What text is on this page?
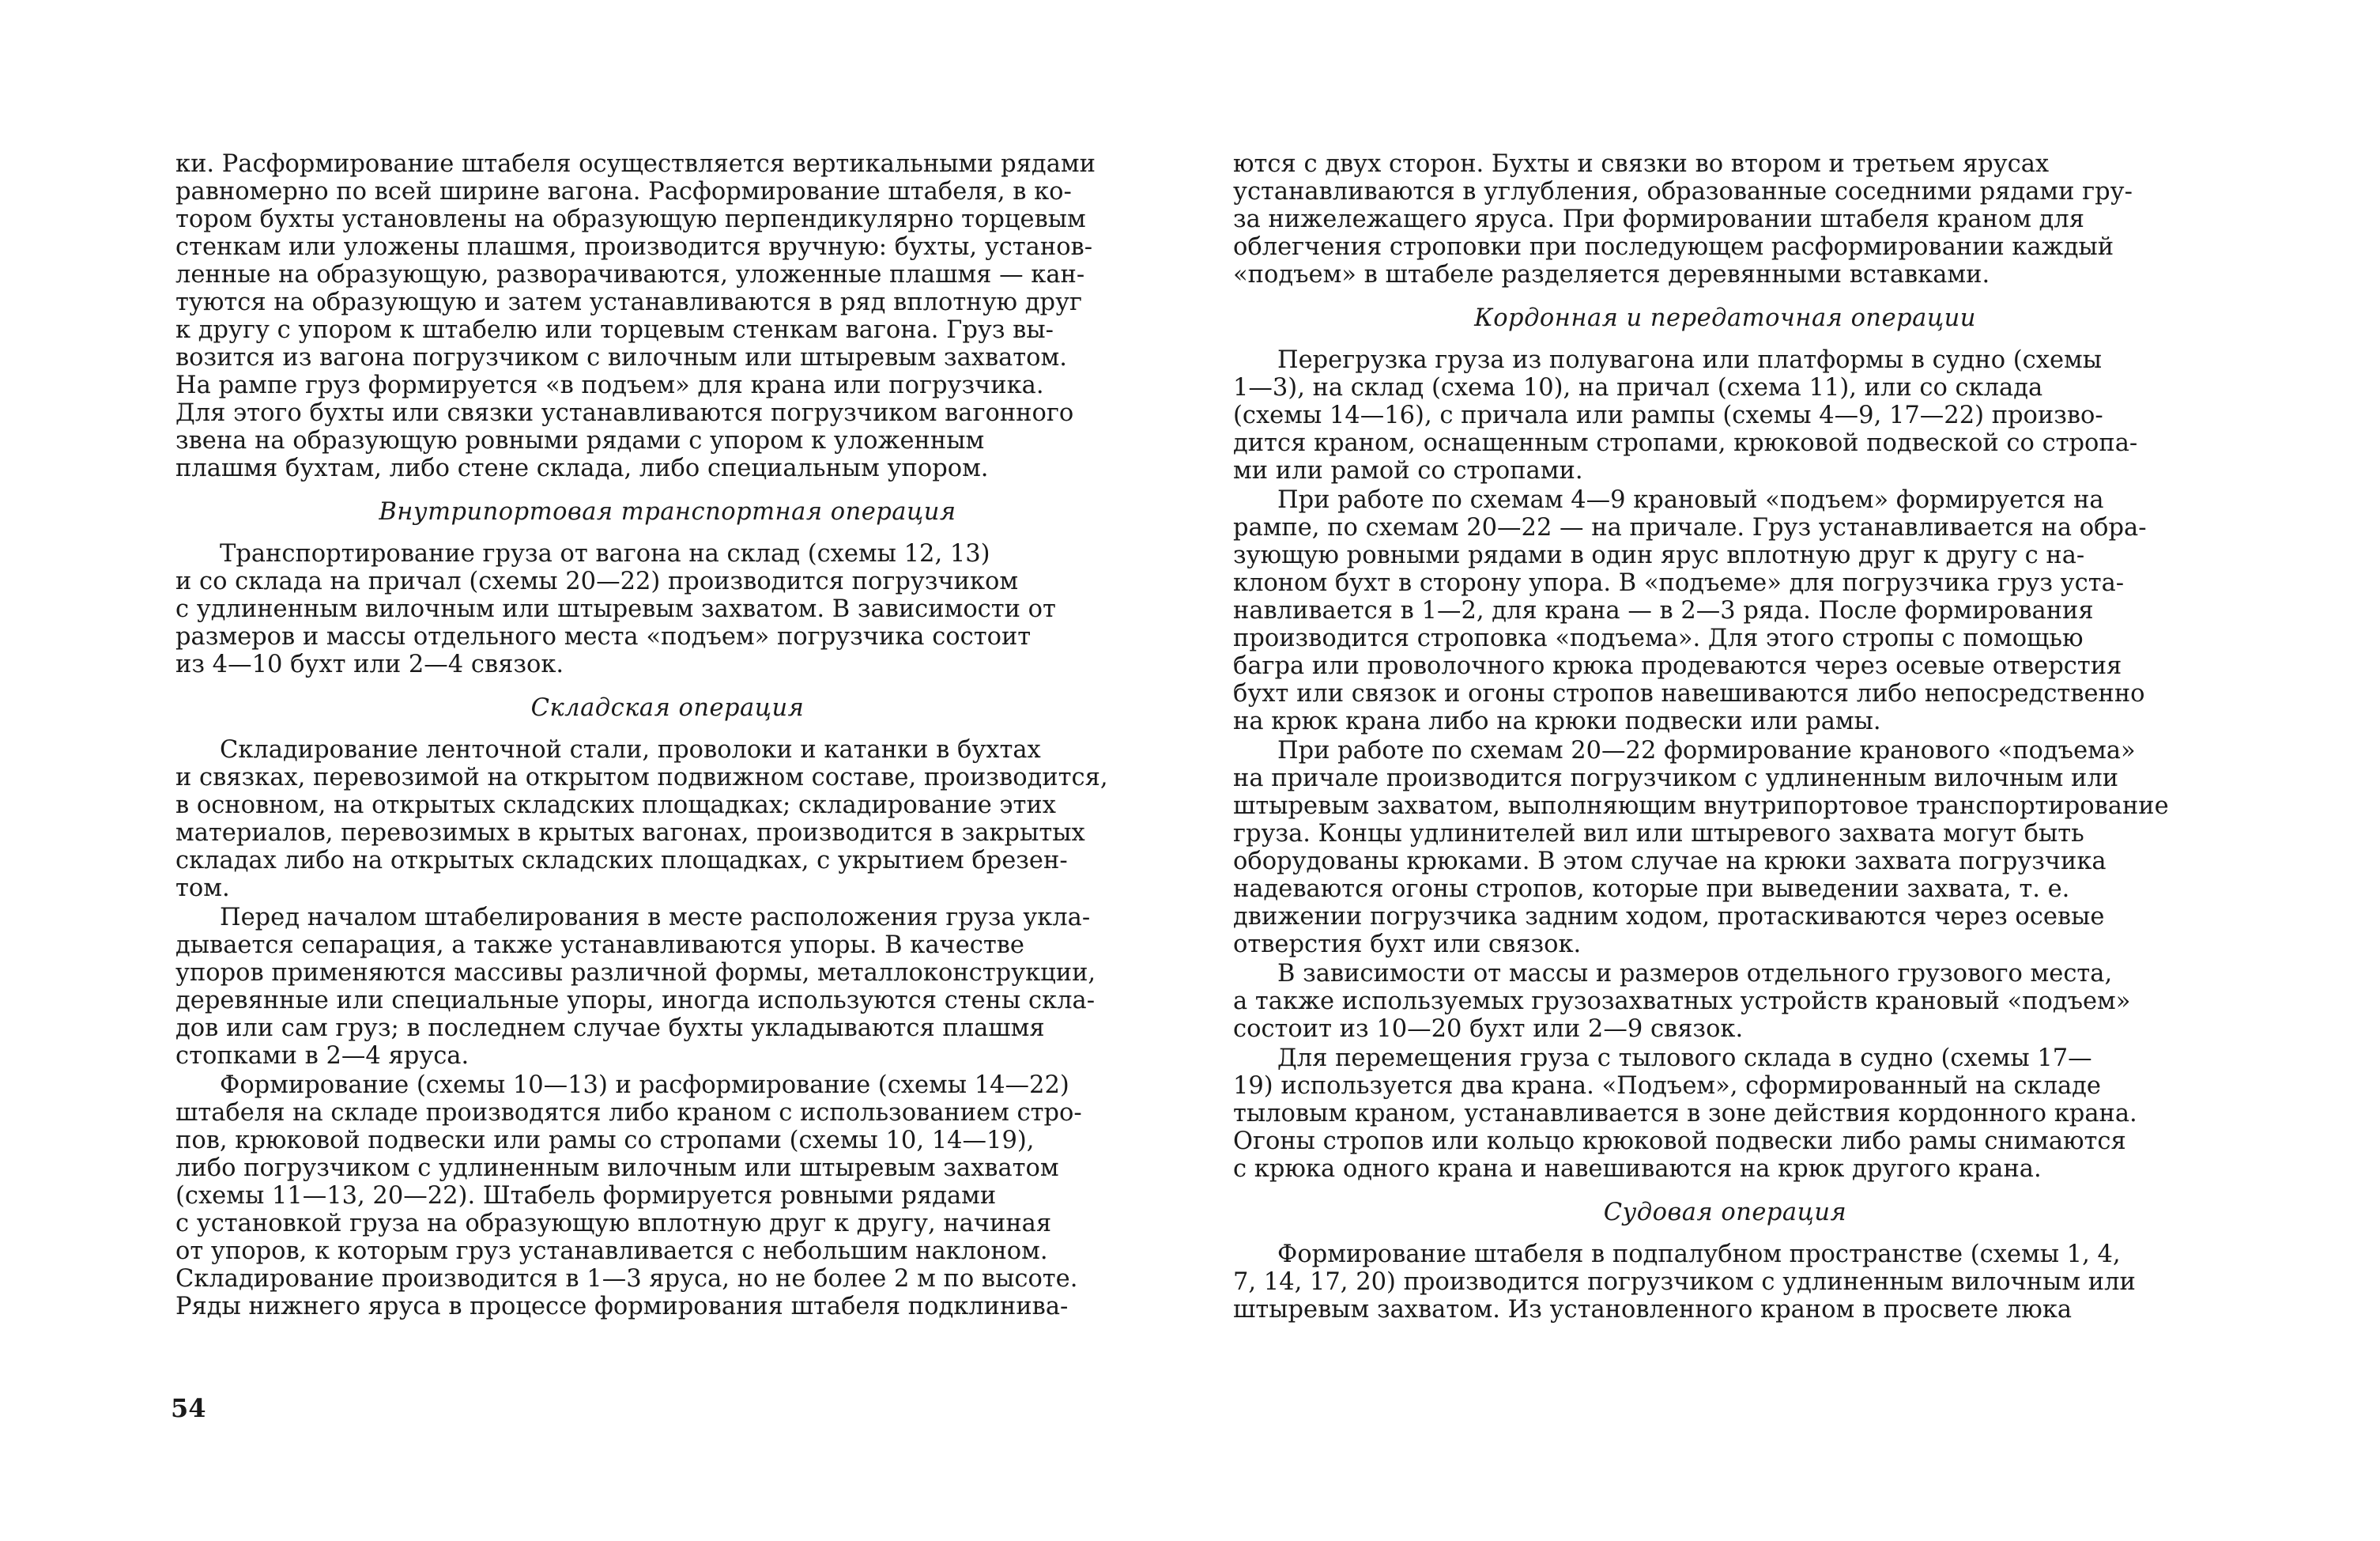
ки. Расформирование штабеля осуществляется вертикальными рядами
равномерно по всей ширине вагона. Расформирование штабеля, в ко-
тором бухты установлены на образующую перпендикулярно торцевым
стенкам или уложены плашмя, производится вручную: бухты, установ-
ленные на образующую, разворачиваются, уложенные плашмя — кан-
туются на образующую и затем устанавливаются в ряд вплотную друг
к другу с упором к штабелю или торцевым стенкам вагона. Груз вы-
возится из вагона погрузчиком с вилочным или штыревым захватом.
На рампе груз формируется «в подъем» для крана или погрузчика.
Для этого бухты или связки устанавливаются погрузчиком вагонного
звена на образующую ровными рядами с упором к уложенным
плашмя бухтам, либо стене склада, либо специальным упором.

Внутрипортовая транспортная операция

Транспортирование груза от вагона на склад (схемы 12, 13)
и со склада на причал (схемы 20—22) производится погрузчиком
с удлиненным вилочным или штыревым захватом. В зависимости от
размеров и массы отдельного места «подъем» погрузчика состоит
из 4—10 бухт или 2—4 связок.

Складская операция

Складирование ленточной стали, проволоки и катанки в бухтах
и связках, перевозимой на открытом подвижном составе, производится,
в основном, на открытых складских площадках; складирование этих
материалов, перевозимых в крытых вагонах, производится в закрытых
складах либо на открытых складских площадках, с укрытием брезен-
том.

Перед началом штабелирования в месте расположения груза укла-
дывается сепарация, а также устанавливаются упоры. В качестве
упоров применяются массивы различной формы, металлоконструкции,
деревянные или специальные упоры, иногда используются стены скла-
дов или сам груз; в последнем случае бухты укладываются плашмя
стопками в 2—4 яруса.

Формирование (схемы 10—13) и расформирование (схемы 14—22)
штабеля на складе производятся либо краном с использованием стро-
пов, крюковой подвески или рамы со стропами (схемы 10, 14—19),
либо погрузчиком с удлиненным вилочным или штыревым захватом
(схемы 11—13, 20—22). Штабель формируется ровными рядами
с установкой груза на образующую вплотную друг к другу, начиная
от упоров, к которым груз устанавливается с небольшим наклоном.
Складирование производится в 1—3 яруса, но не более 2 м по высоте.
Ряды нижнего яруса в процессе формирования штабеля подклинива-

54

ются с двух сторон. Бухты и связки во втором и третьем ярусах
устанавливаются в углубления, образованные соседними рядами гру-
за нижележащего яруса. При формировании штабеля краном для
облегчения строповки при последующем расформировании каждый
«подъем» в штабеле разделяется деревянными вставками.

Кордонная и передаточная операции

Перегрузка груза из полувагона или платформы в судно (схемы
1—3), на склад (схема 10), на причал (схема 11), или со склада
(схемы 14—16), с причала или рампы (схемы 4—9, 17—22) произво-
дится краном, оснащенным стропами, крюковой подвеской со стропа-
ми или рамой со стропами.

При работе по схемам 4—9 крановый «подъем» формируется на
рампе, по схемам 20—22 — на причале. Груз устанавливается на обра-
зующую ровными рядами в один ярус вплотную друг к другу с на-
клоном бухт в сторону упора. В «подъеме» для погрузчика груз уста-
навливается в 1—2, для крана — в 2—3 ряда. После формирования
производится строповка «подъема». Для этого стропы с помощью
багра или проволочного крюка продеваются через осевые отверстия
бухт или связок и огоны стропов навешиваются либо непосредственно
на крюк крана либо на крюки подвески или рамы.

При работе по схемам 20—22 формирование кранового «подъема»
на причале производится погрузчиком с удлиненным вилочным или
штыревым захватом, выполняющим внутрипортовое транспортирование
груза. Концы удлинителей вил или штыревого захвата могут быть
оборудованы крюками. В этом случае на крюки захвата погрузчика
надеваются огоны стропов, которые при выведении захвата, т. е.
движении погрузчика задним ходом, протаскиваются через осевые
отверстия бухт или связок.

В зависимости от массы и размеров отдельного грузового места,
а также используемых грузозахватных устройств крановый «подъем»
состоит из 10—20 бухт или 2—9 связок.

Для перемещения груза с тылового склада в судно (схемы 17—
19) используется два крана. «Подъем», сформированный на складе
тыловым краном, устанавливается в зоне действия кордонного крана.
Огоны стропов или кольцо крюковой подвески либо рамы снимаются
с крюка одного крана и навешиваются на крюк другого крана.

Судовая операция

Формирование штабеля в подпалубном пространстве (схемы 1, 4,
7, 14, 17, 20) производится погрузчиком с удлиненным вилочным или
штыревым захватом. Из установленного краном в просвете люка
